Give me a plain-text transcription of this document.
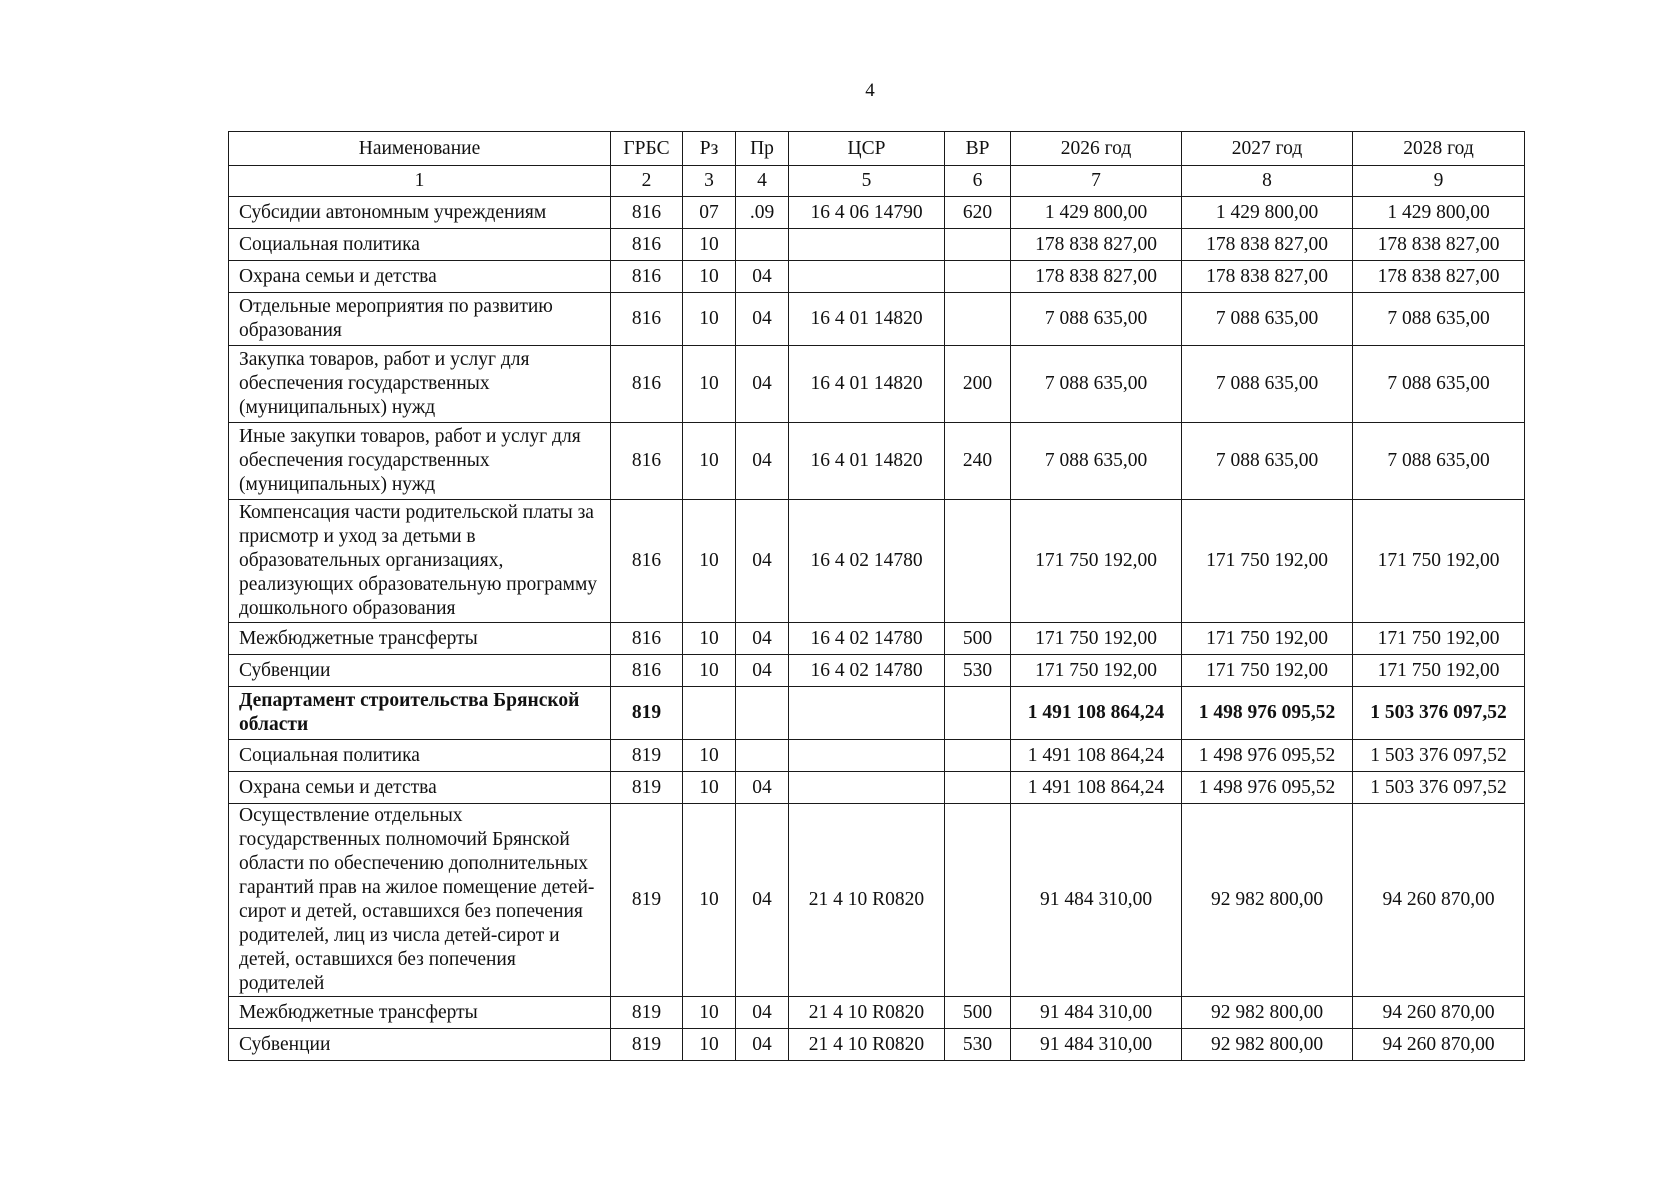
4
Наименование	ГРБС	Рз	Пр	ЦСР	ВР	2026 год	2027 год	2028 год
1	2	3	4	5	6	7	8	9
Субсидии автономным учреждениям	816	07	.09	16 4 06 14790	620	1 429 800,00	1 429 800,00	1 429 800,00
Социальная политика	816	10				178 838 827,00	178 838 827,00	178 838 827,00
Охрана семьи и детства	816	10	04			178 838 827,00	178 838 827,00	178 838 827,00
Отдельные мероприятия по развитию образования	816	10	04	16 4 01 14820		7 088 635,00	7 088 635,00	7 088 635,00
Закупка товаров, работ и услуг для обеспечения государственных (муниципальных) нужд	816	10	04	16 4 01 14820	200	7 088 635,00	7 088 635,00	7 088 635,00
Иные закупки товаров, работ и услуг для обеспечения государственных (муниципальных) нужд	816	10	04	16 4 01 14820	240	7 088 635,00	7 088 635,00	7 088 635,00
Компенсация части родительской платы за присмотр и уход за детьми в образовательных организациях, реализующих образовательную программу дошкольного образования	816	10	04	16 4 02 14780		171 750 192,00	171 750 192,00	171 750 192,00
Межбюджетные трансферты	816	10	04	16 4 02 14780	500	171 750 192,00	171 750 192,00	171 750 192,00
Субвенции	816	10	04	16 4 02 14780	530	171 750 192,00	171 750 192,00	171 750 192,00
Департамент строительства Брянской области	819					1 491 108 864,24	1 498 976 095,52	1 503 376 097,52
Социальная политика	819	10				1 491 108 864,24	1 498 976 095,52	1 503 376 097,52
Охрана семьи и детства	819	10	04			1 491 108 864,24	1 498 976 095,52	1 503 376 097,52
Осуществление отдельных государственных полномочий Брянской области по обеспечению дополнительных гарантий прав на жилое помещение детей-сирот и детей, оставшихся без попечения родителей, лиц из числа детей-сирот и детей, оставшихся без попечения родителей	819	10	04	21 4 10 R0820		91 484 310,00	92 982 800,00	94 260 870,00
Межбюджетные трансферты	819	10	04	21 4 10 R0820	500	91 484 310,00	92 982 800,00	94 260 870,00
Субвенции	819	10	04	21 4 10 R0820	530	91 484 310,00	92 982 800,00	94 260 870,00
